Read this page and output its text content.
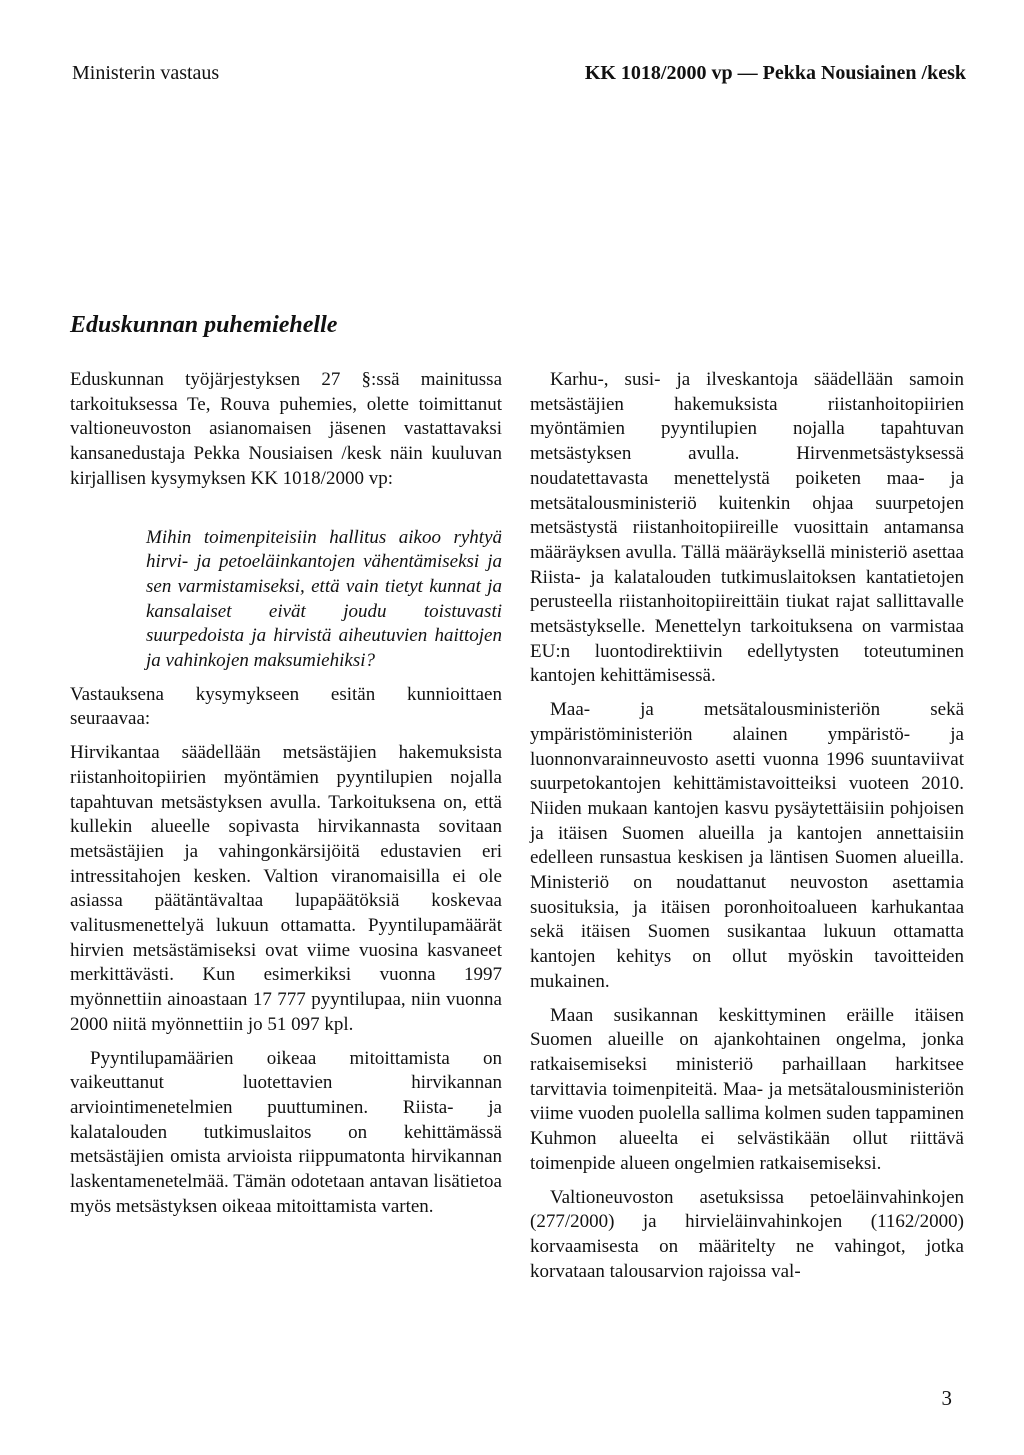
Ministerin vastaus	KK 1018/2000 vp — Pekka Nousiainen /kesk
Eduskunnan puhemiehelle

Eduskunnan työjärjestyksen 27 §:ssä mainitussa tarkoituksessa Te, Rouva puhemies, olette toimittanut valtioneuvoston asianomaisen jäsenen vastattavaksi kansanedustaja Pekka Nousiaisen /kesk näin kuuluvan kirjallisen kysymyksen KK 1018/2000 vp:

Mihin toimenpiteisiin hallitus aikoo ryhtyä hirvi- ja petoeläinkantojen vähentämiseksi ja sen varmistamiseksi, että vain tietyt kunnat ja kansalaiset eivät joudu toistuvasti suurpedoista ja hirvistä aiheutuvien haittojen ja vahinkojen maksumiehiksi?

Vastauksena kysymykseen esitän kunnioittaen seuraavaa:

Hirvikantaa säädellään metsästäjien hakemuksista riistanhoitopiirien myöntämien pyyntilupien nojalla tapahtuvan metsästyksen avulla. Tarkoituksena on, että kullekin alueelle sopivasta hirvikannasta sovitaan metsästäjien ja vahingonkärsijöitä edustavien eri intressitahojen kesken. Valtion viranomaisilla ei ole asiassa päätäntävaltaa lupapäätöksiä koskevaa valitusmenettelyä lukuun ottamatta. Pyyntilupamäärät hirvien metsästämiseksi ovat viime vuosina kasvaneet merkittävästi. Kun esimerkiksi vuonna 1997 myönnettiin ainoastaan 17 777 pyyntilupaa, niin vuonna 2000 niitä myönnettiin jo 51 097 kpl.

Pyyntilupamäärien oikeaa mitoittamista on vaikeuttanut luotettavien hirvikannan arviointimenetelmien puuttuminen. Riista- ja kalatalouden tutkimuslaitos on kehittämässä metsästäjien omista arvioista riippumatonta hirvikannan laskentamenetelmää. Tämän odotetaan antavan lisätietoa myös metsästyksen oikeaa mitoittamista varten.

Karhu-, susi- ja ilveskantoja säädellään samoin metsästäjien hakemuksista riistanhoitopiirien myöntämien pyyntilupien nojalla tapahtuvan metsästyksen avulla. Hirvenmetsästyksessä noudatettavasta menettelystä poiketen maa- ja metsätalousministeriö kuitenkin ohjaa suurpetojen metsästystä riistanhoitopiireille vuosittain antamansa määräyksen avulla. Tällä määräyksellä ministeriö asettaa Riista- ja kalatalouden tutkimuslaitoksen kantatietojen perusteella riistanhoitopiireittäin tiukat rajat sallittavalle metsästykselle. Menettelyn tarkoituksena on varmistaa EU:n luontodirektiivin edellytysten toteutuminen kantojen kehittämisessä.

Maa- ja metsätalousministeriön sekä ympäristöministeriön alainen ympäristö- ja luonnonvarainneuvosto asetti vuonna 1996 suuntaviivat suurpetokantojen kehittämistavoitteiksi vuoteen 2010. Niiden mukaan kantojen kasvu pysäytettäisiin pohjoisen ja itäisen Suomen alueilla ja kantojen annettaisiin edelleen runsastua keskisen ja läntisen Suomen alueilla. Ministeriö on noudattanut neuvoston asettamia suosituksia, ja itäisen poronhoitoalueen karhukantaa sekä itäisen Suomen susikantaa lukuun ottamatta kantojen kehitys on ollut myöskin tavoitteiden mukainen.

Maan susikannan keskittyminen eräille itäisen Suomen alueille on ajankohtainen ongelma, jonka ratkaisemiseksi ministeriö parhaillaan harkitsee tarvittavia toimenpiteitä. Maa- ja metsätalousministeriön viime vuoden puolella sallima kolmen suden tappaminen Kuhmon alueelta ei selvästikään ollut riittävä toimenpide alueen ongelmien ratkaisemiseksi.

Valtioneuvoston asetuksissa petoeläinvahinkojen (277/2000) ja hirvieläinvahinkojen (1162/2000) korvaamisesta on määritelty ne vahingot, jotka korvataan talousarvion rajoissa val-

3
